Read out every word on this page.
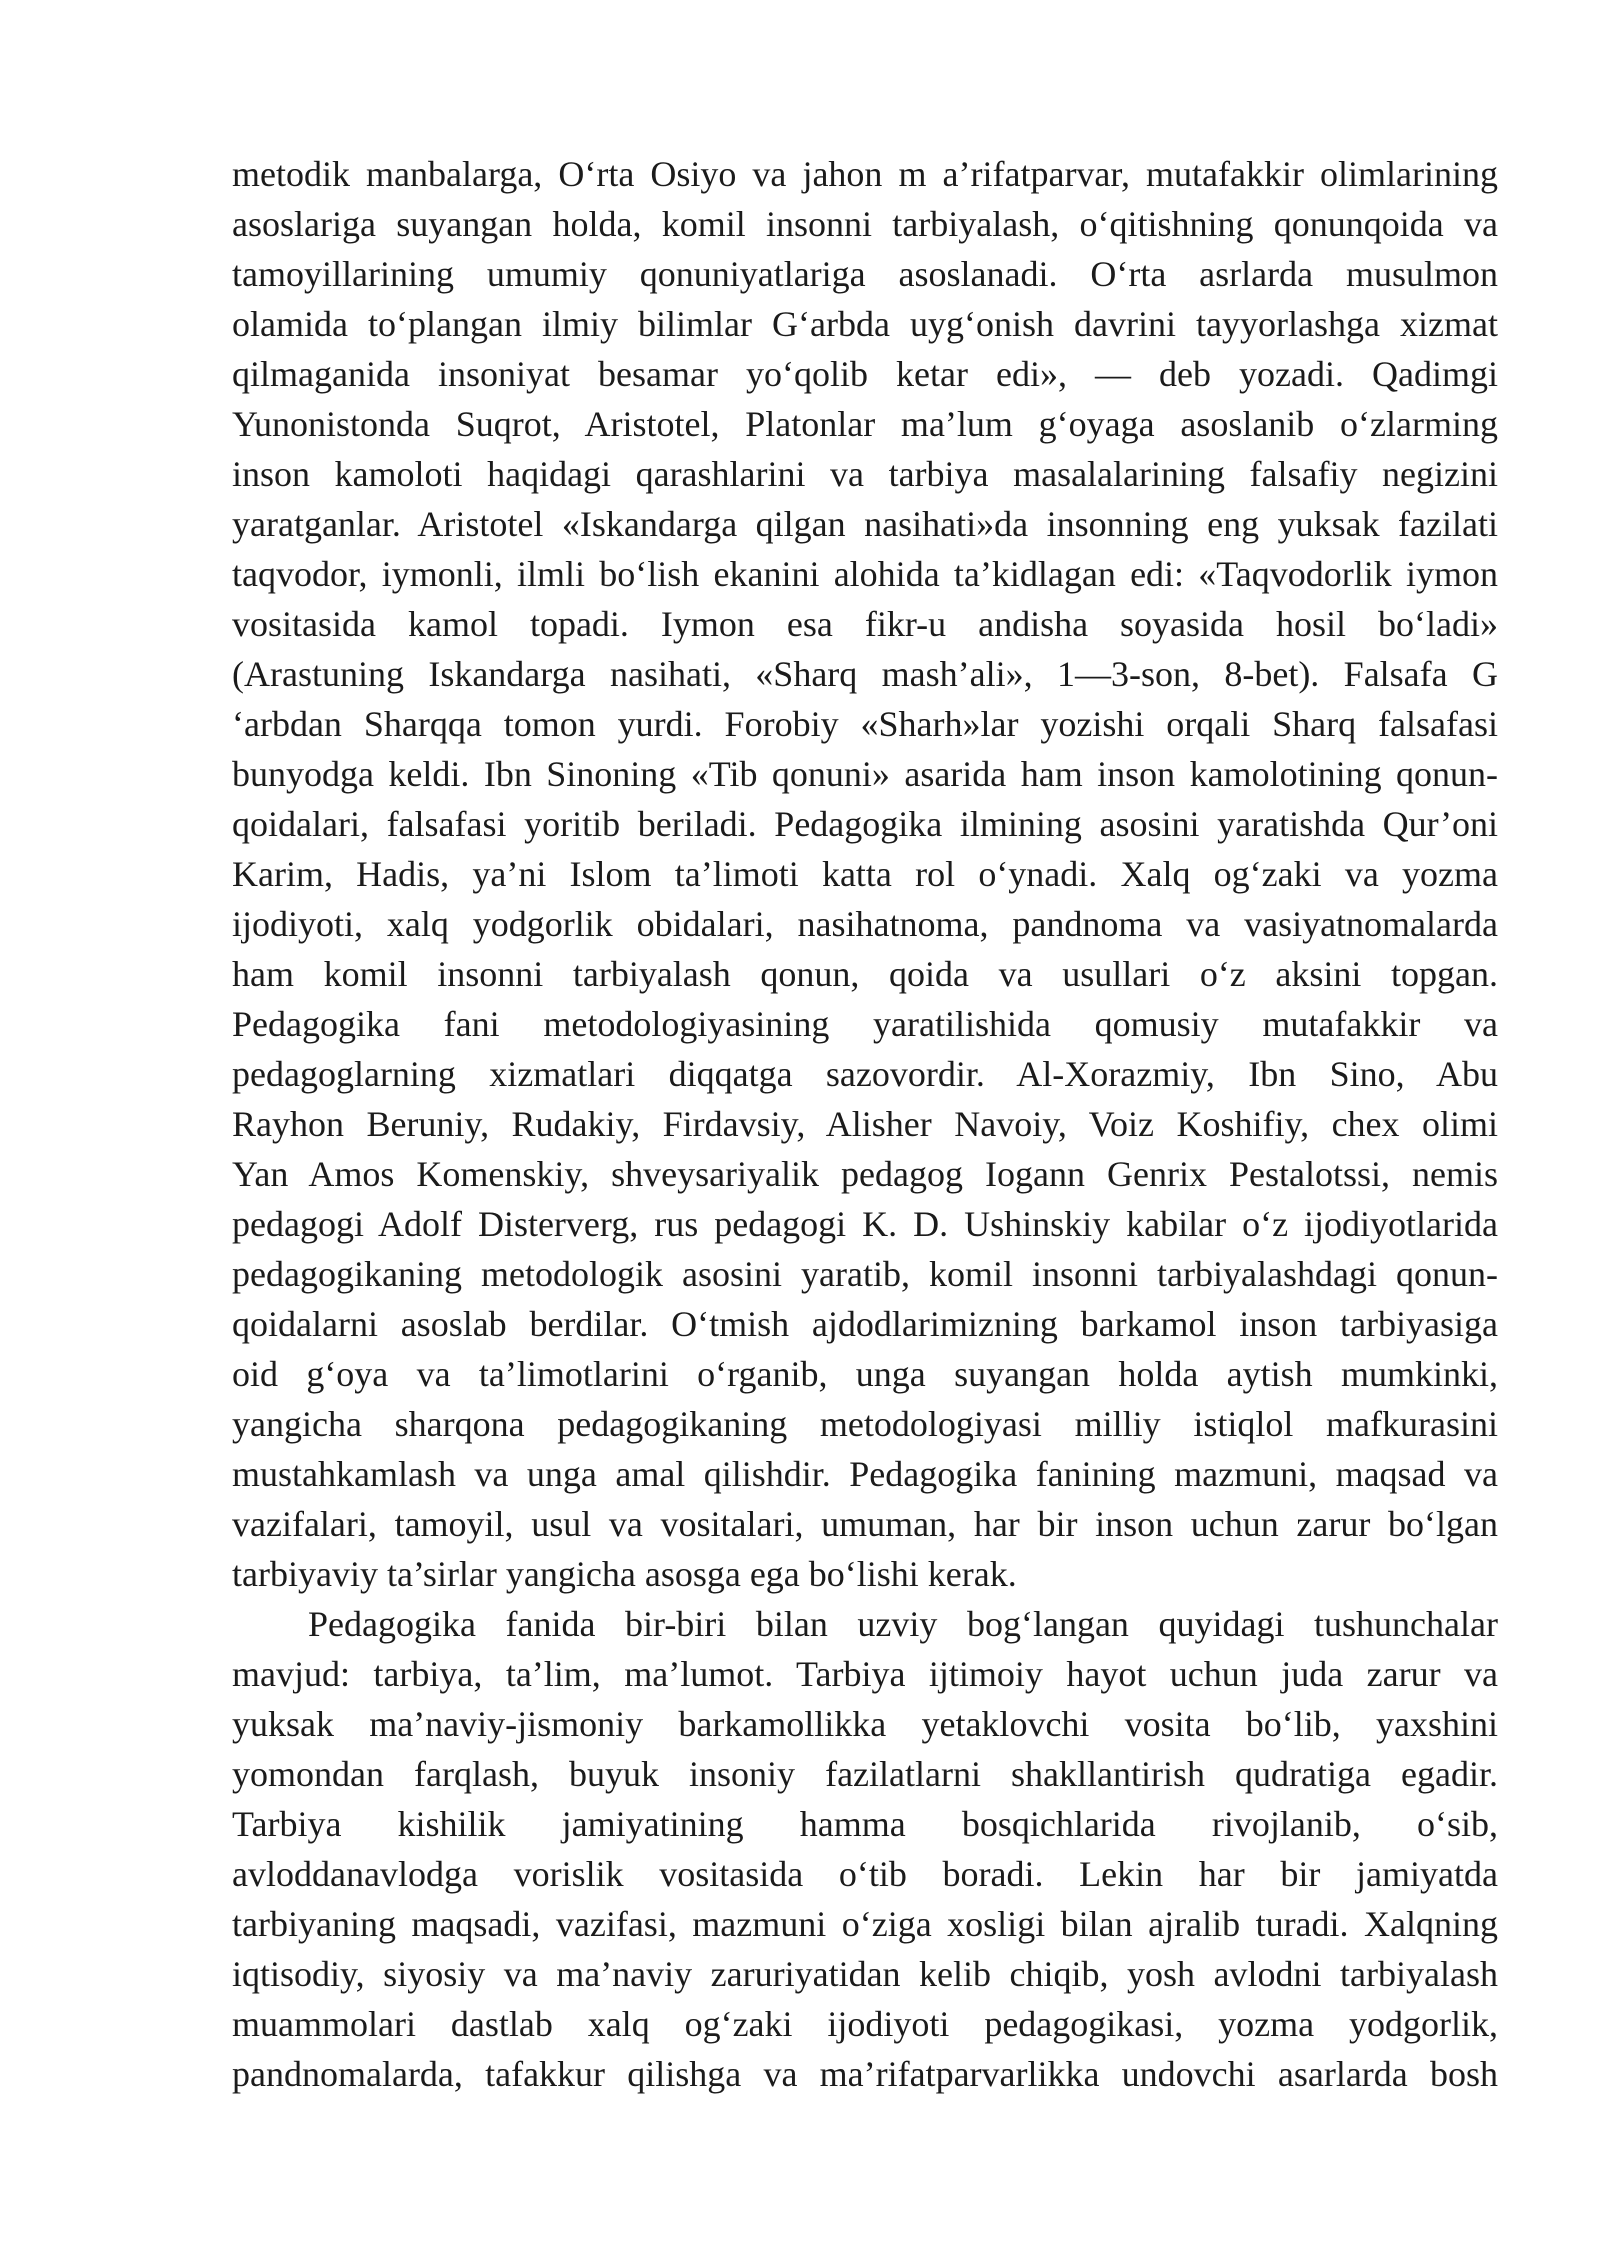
metodik manbalarga, O‘rta Osiyo va jahon m a’rifatparvar, mutafakkir olimlarining
asoslariga suyangan holda, komil insonni tarbiyalash, o‘qitishning qonunqoida va
tamoyillarining umumiy qonuniyatlariga asoslanadi. O‘rta asrlarda musulmon
olamida to‘plangan ilmiy bilimlar G‘arbda uyg‘onish davrini tayyorlashga xizmat
qilmaganida insoniyat besamar yo‘qolib ketar edi», — deb yozadi. Qadimgi
Yunonistonda Suqrot, Aristotel, Platonlar ma’lum g‘oyaga asoslanib o‘zlarming
inson kamoloti haqidagi qarashlarini va tarbiya masalalarining falsafiy negizini
yaratganlar. Aristotel «Iskandarga qilgan nasihati»da insonning eng yuksak fazilati
taqvodor, iymonli, ilmli bo‘lish ekanini alohida ta’kidlagan edi: «Taqvodorlik iymon
vositasida kamol topadi. Iymon esa fikr-u andisha soyasida hosil bo‘ladi»
(Arastuning Iskandarga nasihati, «Sharq mash’ali», 1—3-son, 8-bet). Falsafa G
‘arbdan Sharqqa tomon yurdi. Forobiy «Sharh»lar yozishi orqali Sharq falsafasi
bunyodga keldi. Ibn Sinoning «Tib qonuni» asarida ham inson kamolotining qonun-
qoidalari, falsafasi yoritib beriladi. Pedagogika ilmining asosini yaratishda Qur’oni
Karim, Hadis, ya’ni Islom ta’limoti katta rol o‘ynadi. Xalq og‘zaki va yozma
ijodiyoti, xalq yodgorlik obidalari, nasihatnoma, pandnoma va vasiyatnomalarda
ham komil insonni tarbiyalash qonun, qoida va usullari o‘z aksini topgan.
Pedagogika fani metodologiyasining yaratilishida qomusiy mutafakkir va
pedagoglarning xizmatlari diqqatga sazovordir. Al-Xorazmiy, Ibn Sino, Abu
Rayhon Beruniy, Rudakiy, Firdavsiy, Alisher Navoiy, Voiz Koshifiy, chex olimi
Yan Amos Komenskiy, shveysariyalik pedagog Iogann Genrix Pestalotssi, nemis
pedagogi Adolf Disterverg, rus pedagogi K. D. Ushinskiy kabilar o‘z ijodiyotlarida
pedagogikaning metodologik asosini yaratib, komil insonni tarbiyalashdagi qonun-
qoidalarni asoslab berdilar. O‘tmish ajdodlarimizning barkamol inson tarbiyasiga
oid g‘oya va ta’limotlarini o‘rganib, unga suyangan holda aytish mumkinki,
yangicha sharqona pedagogikaning metodologiyasi milliy istiqlol mafkurasini
mustahkamlash va unga amal qilishdir. Pedagogika fanining mazmuni, maqsad va
vazifalari, tamoyil, usul va vositalari, umuman, har bir inson uchun zarur bo‘lgan
tarbiyaviy ta’sirlar yangicha asosga ega bo‘lishi kerak.
Pedagogika fanida bir-biri bilan uzviy bog‘langan quyidagi tushunchalar
mavjud: tarbiya, ta’lim, ma’lumot. Tarbiya ijtimoiy hayot uchun juda zarur va
yuksak ma’naviy-jismoniy barkamollikka yetaklovchi vosita bo‘lib, yaxshini
yomondan farqlash, buyuk insoniy fazilatlarni shakllantirish qudratiga egadir.
Tarbiya kishilik jamiyatining hamma bosqichlarida rivojlanib, o‘sib,
avloddanavlodga vorislik vositasida o‘tib boradi. Lekin har bir jamiyatda
tarbiyaning maqsadi, vazifasi, mazmuni o‘ziga xosligi bilan ajralib turadi. Xalqning
iqtisodiy, siyosiy va ma’naviy zaruriyatidan kelib chiqib, yosh avlodni tarbiyalash
muammolari dastlab xalq og‘zaki ijodiyoti pedagogikasi, yozma yodgorlik,
pandnomalarda, tafakkur qilishga va ma’rifatparvarlikka undovchi asarlarda bosh
